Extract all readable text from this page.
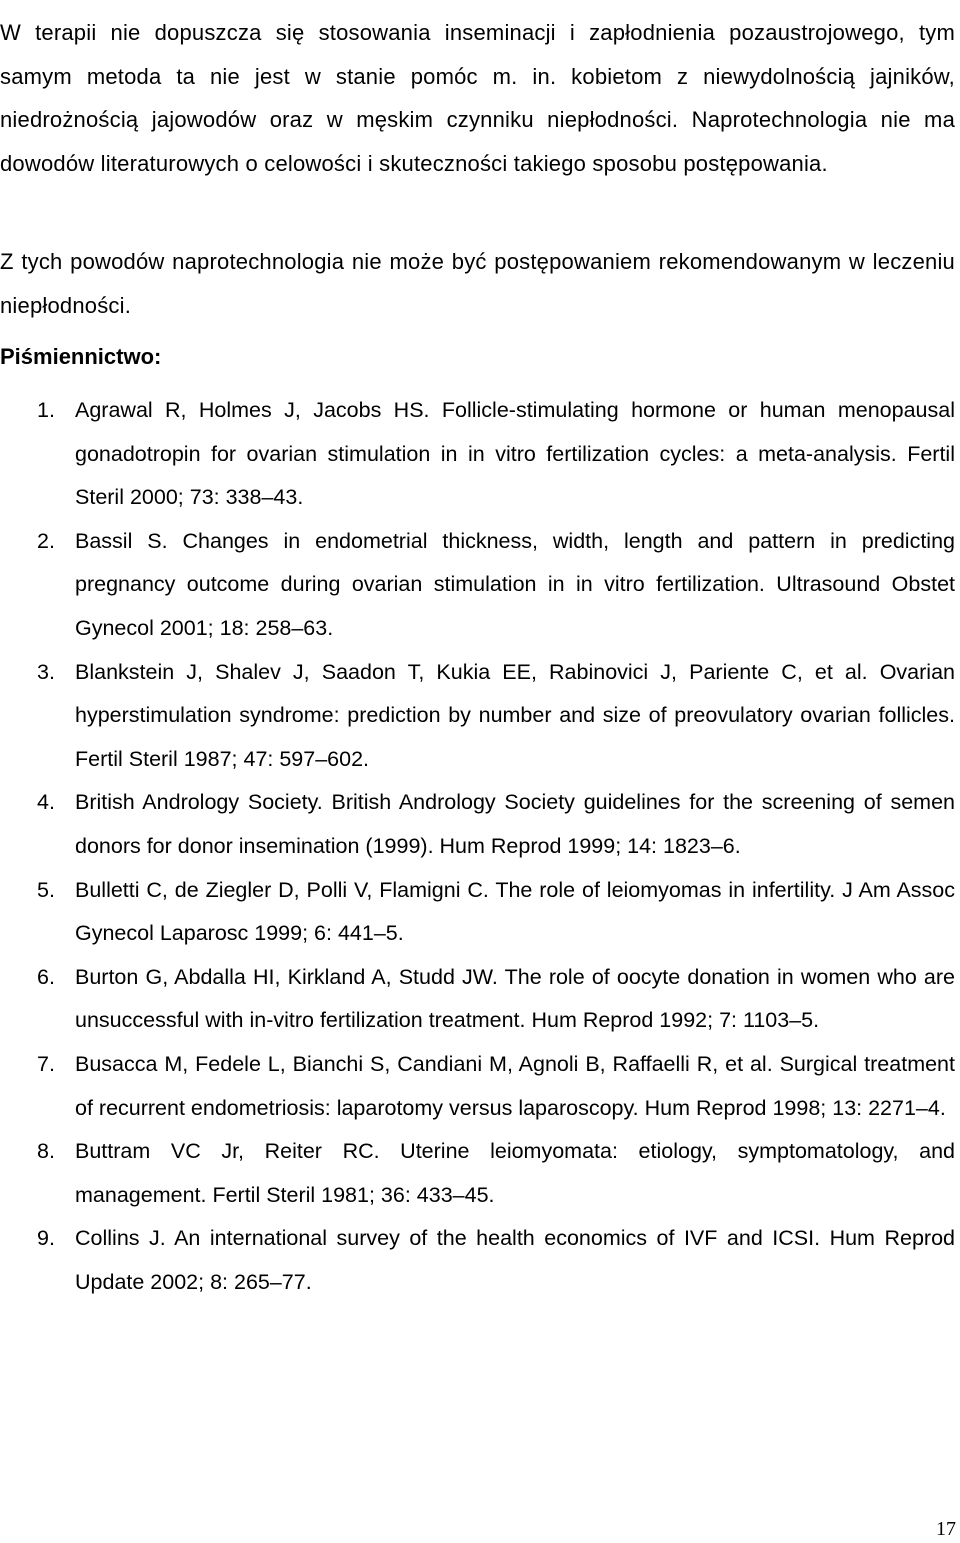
W terapii nie dopuszcza się stosowania inseminacji i zapłodnienia pozaustrojowego, tym samym metoda ta nie jest w stanie pomóc m. in. kobietom z niewydolnością jajników, niedrożnością jajowodów oraz w męskim czynniku niepłodności. Naprotechnologia nie ma dowodów literaturowych o celowości i skuteczności takiego sposobu postępowania.

Z tych powodów naprotechnologia nie może być postępowaniem rekomendowanym w leczeniu niepłodności.

Piśmiennictwo:
1. Agrawal R, Holmes J, Jacobs HS. Follicle-stimulating hormone or human menopausal gonadotropin for ovarian stimulation in in vitro fertilization cycles: a meta-analysis. Fertil Steril 2000; 73: 338–43.
2. Bassil S. Changes in endometrial thickness, width, length and pattern in predicting pregnancy outcome during ovarian stimulation in in vitro fertilization. Ultrasound Obstet Gynecol 2001; 18: 258–63.
3. Blankstein J, Shalev J, Saadon T, Kukia EE, Rabinovici J, Pariente C, et al. Ovarian hyperstimulation syndrome: prediction by number and size of preovulatory ovarian follicles. Fertil Steril 1987; 47: 597–602.
4. British Andrology Society. British Andrology Society guidelines for the screening of semen donors for donor insemination (1999). Hum Reprod 1999; 14: 1823–6.
5. Bulletti C, de Ziegler D, Polli V, Flamigni C. The role of leiomyomas in infertility. J Am Assoc Gynecol Laparosc 1999; 6: 441–5.
6. Burton G, Abdalla HI, Kirkland A, Studd JW. The role of oocyte donation in women who are unsuccessful with in-vitro fertilization treatment. Hum Reprod 1992; 7: 1103–5.
7. Busacca M, Fedele L, Bianchi S, Candiani M, Agnoli B, Raffaelli R, et al. Surgical treatment of recurrent endometriosis: laparotomy versus laparoscopy. Hum Reprod 1998; 13: 2271–4.
8. Buttram VC Jr, Reiter RC. Uterine leiomyomata: etiology, symptomatology, and management. Fertil Steril 1981; 36: 433–45.
9. Collins J. An international survey of the health economics of IVF and ICSI. Hum Reprod Update 2002; 8: 265–77.
17
